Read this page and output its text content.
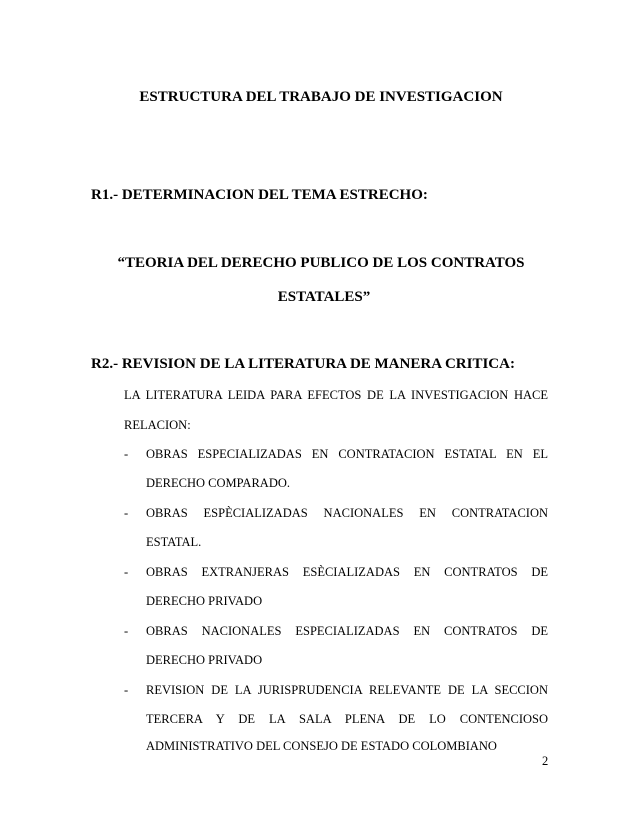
ESTRUCTURA DEL TRABAJO DE INVESTIGACION
R1.- DETERMINACION DEL TEMA ESTRECHO:
“TEORIA DEL DERECHO PUBLICO DE LOS CONTRATOS
ESTATALES”
R2.- REVISION DE LA LITERATURA DE MANERA CRITICA:
LA LITERATURA LEIDA PARA EFECTOS DE LA INVESTIGACION HACE
RELACION:
- OBRAS ESPECIALIZADAS EN CONTRATACION ESTATAL EN EL
DERECHO COMPARADO.
- OBRAS ESPÈCIALIZADAS NACIONALES EN CONTRATACION
ESTATAL.
- OBRAS EXTRANJERAS ESÈCIALIZADAS EN CONTRATOS DE
DERECHO PRIVADO
- OBRAS NACIONALES ESPECIALIZADAS EN CONTRATOS DE
DERECHO PRIVADO
- REVISION DE LA JURISPRUDENCIA RELEVANTE DE LA SECCION
TERCERA Y DE LA SALA PLENA DE LO CONTENCIOSO
ADMINISTRATIVO DEL CONSEJO DE ESTADO COLOMBIANO
2
